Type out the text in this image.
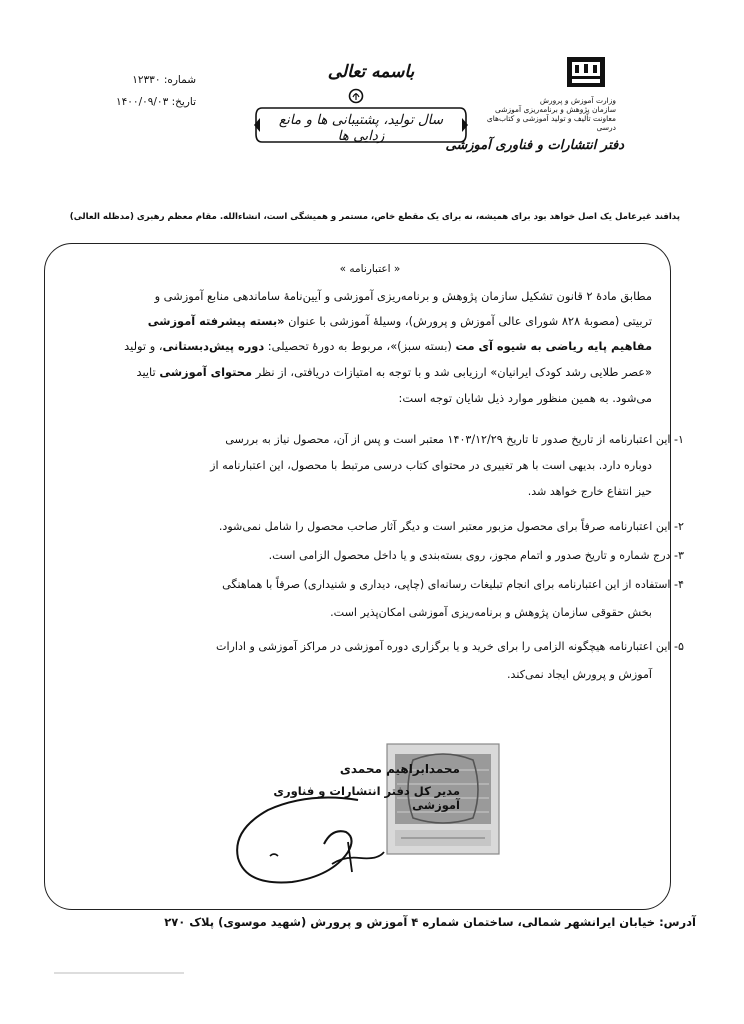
وزارت آموزش و پرورش
سازمان پژوهش و برنامه‌ریزی آموزشی
معاونت تألیف و تولید آموزشی و کتاب‌های درسی
دفتر انتشارات و فناوری آموزشی
باسمه تعالی
سال تولید، پشتیبانی ها و مانع زدایی ها
شماره: ۱۲۳۳۰
تاریخ: ۱۴۰۰/۰۹/۰۳
پدافند غیرعامل یک اصل خواهد بود برای همیشه، نه برای یک مقطع خاص، مستمر و همیشگی است، انشاءالله. مقام معظم رهبری (مدظله العالی)
« اعتبارنامه »
مطابق مادهٔ ۲ قانون تشکیل سازمان پژوهش و برنامه‌ریزی آموزشی و آیین‌نامهٔ ساماندهی منابع آموزشی و
تربیتی (مصوبهٔ ۸۲۸ شورای عالی آموزش و پرورش)، وسیلهٔ آموزشی با عنوان «بسته پیشرفته آموزشی
مفاهیم پایه ریاضی به شیوه آی مت (بسته سبز)»، مربوط به دورهٔ تحصیلی: دوره پیش‌دبستانی، و تولید
«عصر طلایی رشد کودک ایرانیان» ارزیابی شد و با توجه به امتیازات دریافتی، از نظر محتوای آموزشی تایید
می‌شود. به همین منظور موارد ذیل شایان توجه است:
۱- این اعتبارنامه از تاریخ صدور تا تاریخ ۱۴۰۳/۱۲/۲۹ معتبر است و پس از آن، محصول نیاز به بررسی
دوباره دارد. بدیهی است با هر تغییری در محتوای کتاب درسی مرتبط با محصول، این اعتبارنامه از
حیز انتفاع خارج خواهد شد.
۲- این اعتبارنامه صرفاً برای محصول مزبور معتبر است و دیگر آثار صاحب محصول را شامل نمی‌شود.
۳- درج شماره و تاریخ صدور و اتمام مجوز، روی بسته‌بندی و یا داخل محصول الزامی است.
۴- استفاده از این اعتبارنامه برای انجام تبلیغات رسانه‌ای (چاپی، دیداری و شنیداری) صرفاً با هماهنگی
بخش حقوقی سازمان پژوهش و برنامه‌ریزی آموزشی امکان‌پذیر است.
۵- این اعتبارنامه هیچگونه الزامی را برای خرید و یا برگزاری دوره آموزشی در مراکز آموزشی و ادارات
آموزش و پرورش ایجاد نمی‌کند.
محمدابراهیم محمدی
مدیر کل دفتر انتشارات و فناوری آموزشی
آدرس: خیابان ایرانشهر شمالی، ساختمان شماره ۴ آموزش و پرورش (شهید موسوی) پلاک ۲۷۰
